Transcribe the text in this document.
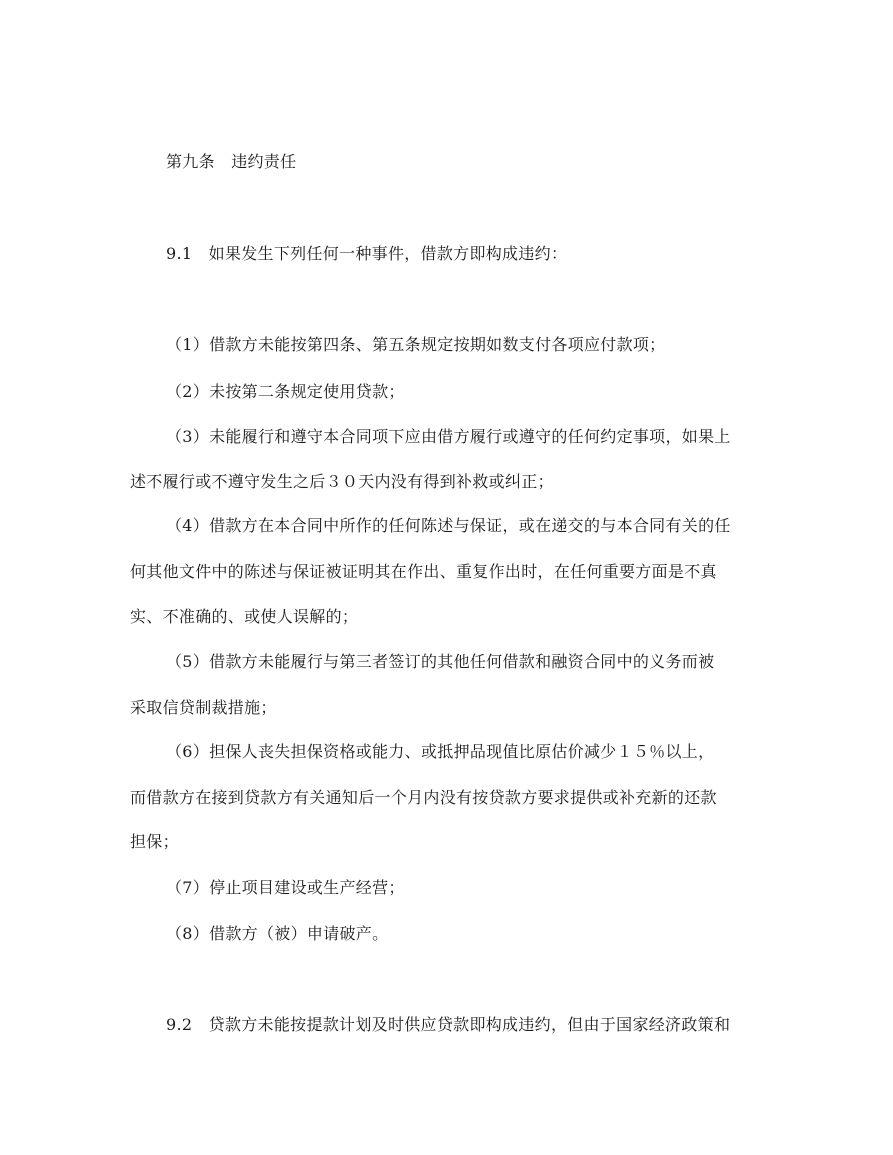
第九条　违约责任
9.1　如果发生下列任何一种事件，借款方即构成违约：
（1）借款方未能按第四条、第五条规定按期如数支付各项应付款项；
（2）未按第二条规定使用贷款；
（3）未能履行和遵守本合同项下应由借方履行或遵守的任何约定事项，如果上
述不履行或不遵守发生之后３０天内没有得到补救或纠正；
（4）借款方在本合同中所作的任何陈述与保证，或在递交的与本合同有关的任
何其他文件中的陈述与保证被证明其在作出、重复作出时，在任何重要方面是不真
实、不准确的、或使人误解的；
（5）借款方未能履行与第三者签订的其他任何借款和融资合同中的义务而被
采取信贷制裁措施；
（6）担保人丧失担保资格或能力、或抵押品现值比原估价减少１５％以上，
而借款方在接到贷款方有关通知后一个月内没有按贷款方要求提供或补充新的还款
担保；
（7）停止项目建设或生产经营；
（8）借款方（被）申请破产。
9.2　贷款方未能按提款计划及时供应贷款即构成违约，但由于国家经济政策和
